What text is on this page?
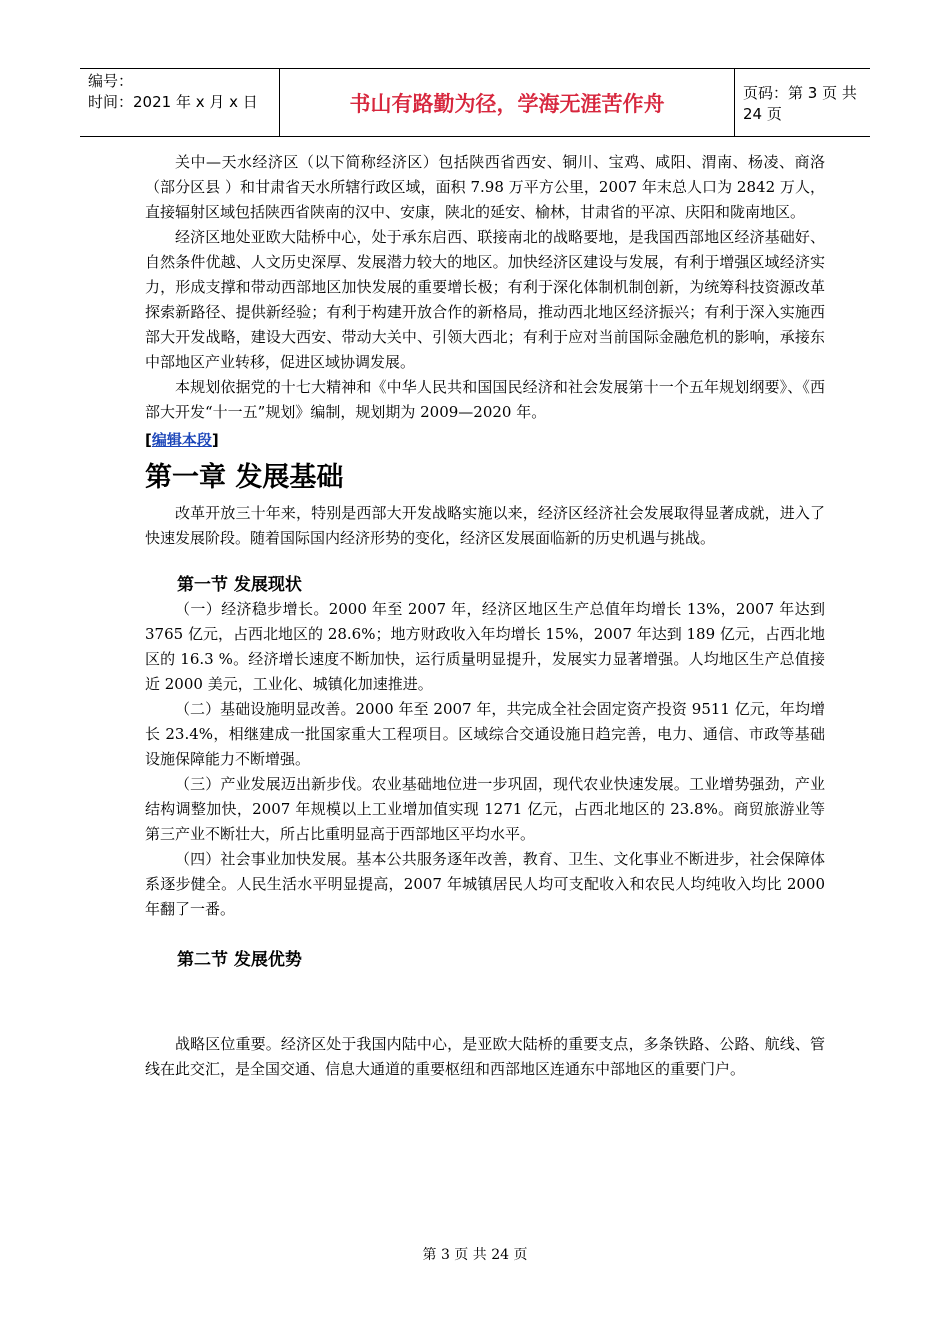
编号：
时间：2021 年 x 月 x 日	书山有路勤为径，学海无涯苦作舟	页码：第 3 页 共 24 页

关中—天水经济区（以下简称经济区）包括陕西省西安、铜川、宝鸡、咸阳、渭南、杨凌、商洛（部分区县 ）和甘肃省天水所辖行政区域，面积 7.98 万平方公里，2007 年末总人口为 2842 万人，直接辐射区域包括陕西省陕南的汉中、安康，陕北的延安、榆林，甘肃省的平凉、庆阳和陇南地区。

经济区地处亚欧大陆桥中心，处于承东启西、联接南北的战略要地，是我国西部地区经济基础好、自然条件优越、人文历史深厚、发展潜力较大的地区。加快经济区建设与发展，有利于增强区域经济实力，形成支撑和带动西部地区加快发展的重要增长极；有利于深化体制机制创新，为统筹科技资源改革探索新路径、提供新经验；有利于构建开放合作的新格局，推动西北地区经济振兴；有利于深入实施西部大开发战略，建设大西安、带动大关中、引领大西北；有利于应对当前国际金融危机的影响，承接东中部地区产业转移，促进区域协调发展。

本规划依据党的十七大精神和《中华人民共和国国民经济和社会发展第十一个五年规划纲要》、《西部大开发“十一五”规划》编制，规划期为 2009—2020 年。

[编辑本段]
第一章 发展基础

改革开放三十年来，特别是西部大开发战略实施以来，经济区经济社会发展取得显著成就，进入了快速发展阶段。随着国际国内经济形势的变化，经济区发展面临新的历史机遇与挑战。

第一节 发展现状

（一）经济稳步增长。2000 年至 2007 年，经济区地区生产总值年均增长 13%，2007 年达到 3765 亿元，占西北地区的 28.6%；地方财政收入年均增长 15%，2007 年达到 189 亿元，占西北地区的 16.3 %。经济增长速度不断加快，运行质量明显提升，发展实力显著增强。人均地区生产总值接近 2000 美元，工业化、城镇化加速推进。

（二）基础设施明显改善。2000 年至 2007 年，共完成全社会固定资产投资 9511 亿元，年均增长 23.4%，相继建成一批国家重大工程项目。区域综合交通设施日趋完善，电力、通信、市政等基础设施保障能力不断增强。

（三）产业发展迈出新步伐。农业基础地位进一步巩固，现代农业快速发展。工业增势强劲，产业结构调整加快，2007 年规模以上工业增加值实现 1271 亿元，占西北地区的 23.8%。商贸旅游业等第三产业不断壮大，所占比重明显高于西部地区平均水平。

（四）社会事业加快发展。基本公共服务逐年改善，教育、卫生、文化事业不断进步，社会保障体系逐步健全。人民生活水平明显提高，2007 年城镇居民人均可支配收入和农民人均纯收入均比 2000 年翻了一番。

第二节 发展优势

战略区位重要。经济区处于我国内陆中心，是亚欧大陆桥的重要支点，多条铁路、公路、航线、管线在此交汇，是全国交通、信息大通道的重要枢纽和西部地区连通东中部地区的重要门户。

第 3 页 共 24 页
